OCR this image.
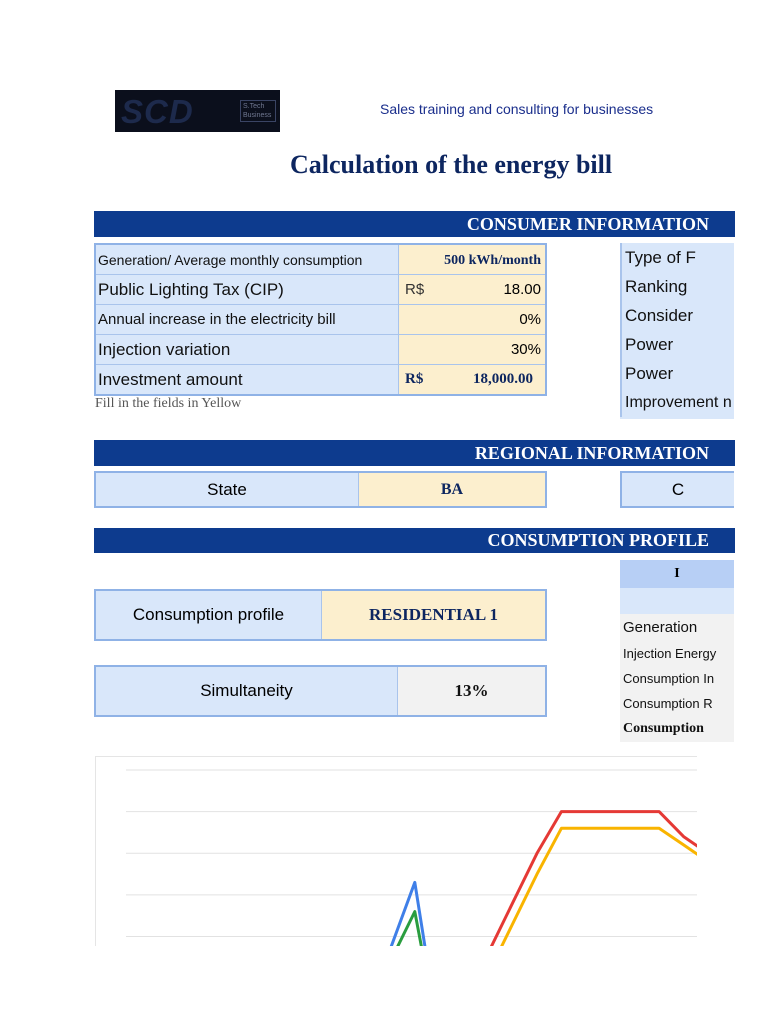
SCD	S.Tech Business	Sales training and consulting for businesses
Calculation of the energy bill
CONSUMER INFORMATION
Generation/ Average monthly consumption	500 kWh/month
Public Lighting Tax (CIP)	R$	18.00
Annual increase in the electricity bill	0%
Injection variation	30%
Investment amount	R$	18,000.00
Type of F
Ranking
Consider
Power
Power
Improvement n
Fill in the fields in Yellow
REGIONAL INFORMATION
State	BA	C
CONSUMPTION PROFILE
I
Generation
Injection Energy
Consumption In
Consumption R
Consumption
Consumption profile	RESIDENTIAL 1
Simultaneity	13%
